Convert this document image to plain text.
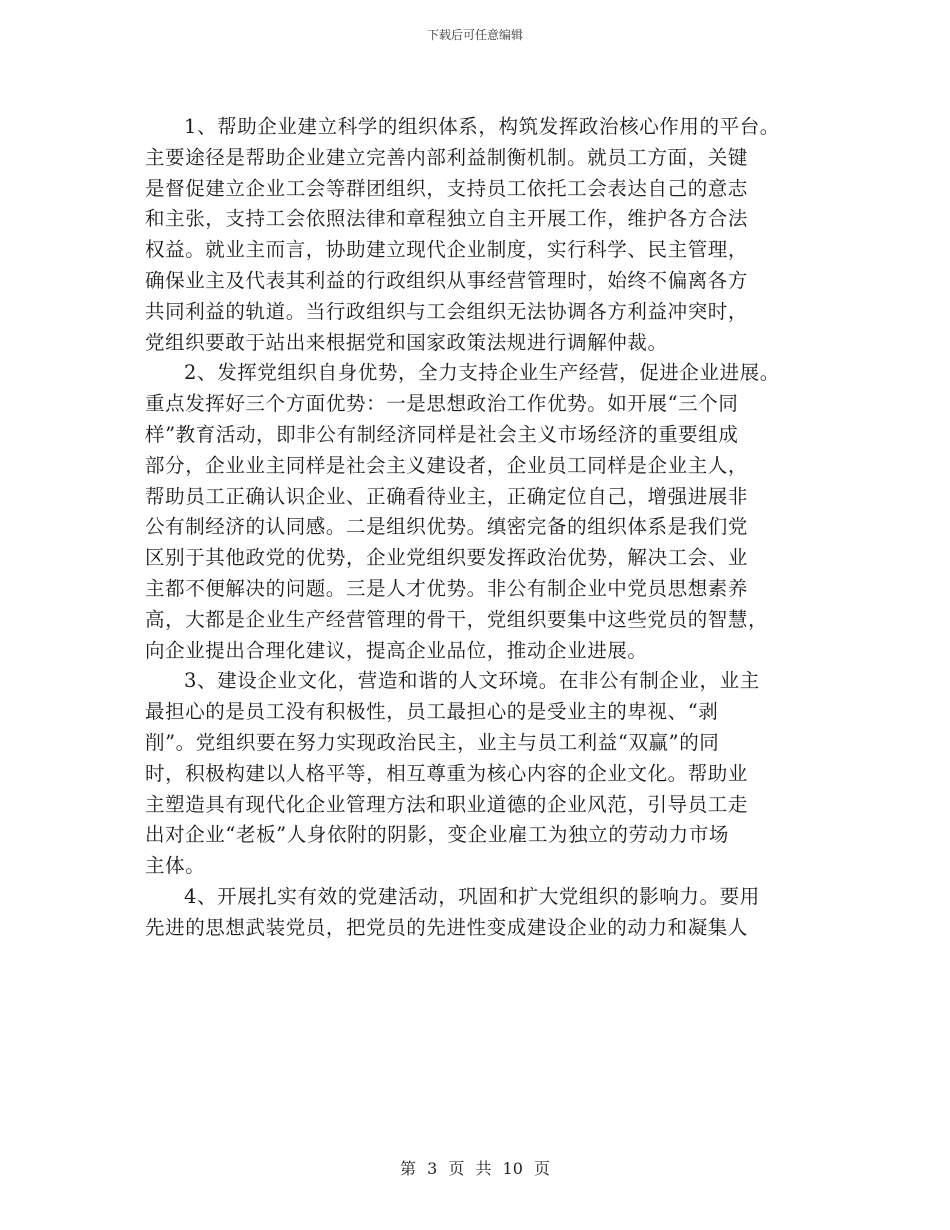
下载后可任意编辑
1、帮助企业建立科学的组织体系，构筑发挥政治核心作用的平台。
主要途径是帮助企业建立完善内部利益制衡机制。就员工方面，关键
是督促建立企业工会等群团组织，支持员工依托工会表达自己的意志
和主张，支持工会依照法律和章程独立自主开展工作，维护各方合法
权益。就业主而言，协助建立现代企业制度，实行科学、民主管理，
确保业主及代表其利益的行政组织从事经营管理时，始终不偏离各方
共同利益的轨道。当行政组织与工会组织无法协调各方利益冲突时，
党组织要敢于站出来根据党和国家政策法规进行调解仲裁。
2、发挥党组织自身优势，全力支持企业生产经营，促进企业进展。
重点发挥好三个方面优势：一是思想政治工作优势。如开展“三个同
样”教育活动，即非公有制经济同样是社会主义市场经济的重要组成
部分，企业业主同样是社会主义建设者，企业员工同样是企业主人，
帮助员工正确认识企业、正确看待业主，正确定位自己，增强进展非
公有制经济的认同感。二是组织优势。缜密完备的组织体系是我们党
区别于其他政党的优势，企业党组织要发挥政治优势，解决工会、业
主都不便解决的问题。三是人才优势。非公有制企业中党员思想素养
高，大都是企业生产经营管理的骨干，党组织要集中这些党员的智慧，
向企业提出合理化建议，提高企业品位，推动企业进展。
3、建设企业文化，营造和谐的人文环境。在非公有制企业，业主
最担心的是员工没有积极性，员工最担心的是受业主的卑视、“剥
削”。党组织要在努力实现政治民主，业主与员工利益“双赢”的同
时，积极构建以人格平等，相互尊重为核心内容的企业文化。帮助业
主塑造具有现代化企业管理方法和职业道德的企业风范，引导员工走
出对企业“老板”人身依附的阴影，变企业雇工为独立的劳动力市场
主体。
4、开展扎实有效的党建活动，巩固和扩大党组织的影响力。要用
先进的思想武装党员，把党员的先进性变成建设企业的动力和凝集人
第 3 页 共 10 页
